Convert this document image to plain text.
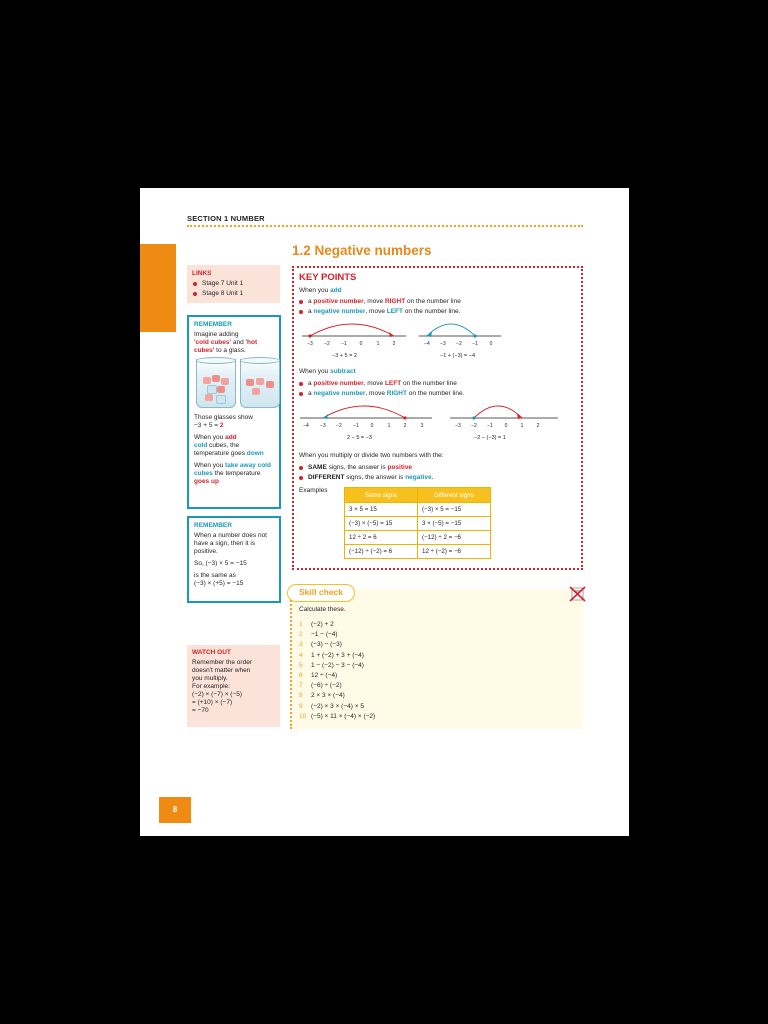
SECTION 1 NUMBER
1.2 Negative numbers
LINKS
Stage 7 Unit 1
Stage 8 Unit 1
REMEMBER
Imagine adding
'cold cubes' and 'hot cubes' to a glass.
Those glasses show
−3 + 5 = 2
When you add
cold cubes, the temperature goes down
When you take away cold cubes the temperature goes up
REMEMBER
When a number does not have a sign, then it is positive.
So, (−3) × 5 = −15
is the same as
(−3) × (+5) = −15
WATCH OUT
Remember the order
doesn't matter when
you multiply.
For example:
(−2) × (−7) × (−5)
= (+10) × (−7)
= −70
KEY POINTS
When you add
a positive number, move RIGHT on the number line
a negative number, move LEFT on the number line.
−3 −2 −1	0	1	2
−3 + 5 = 2
−4 −3 −2 −1 0
−1 + (−3) = −4
When you subtract
a positive number, move LEFT on the number line
a negative number, move RIGHT on the number line.
−4 −3 −2 −1 0	1	2	3
2 − 5 = −3
−3 −2 −1 0	1	2
−2 − (−3) = 1
When you multiply or divide two numbers with the:
SAME signs, the answer is positive
DIFFERENT signs, the answer is negative.
Examples
Same signs	Different signs
3 × 5 = 15	(−3) × 5 = −15
(−3) × (−5) = 15	3 × (−5) = −15
12 ÷ 2 = 6	(−12) ÷ 2 = −6
(−12) ÷ (−2) = 6	12 ÷ (−2) = −6
Skill check
Calculate these.
1 (−2) + 2
2 −1 − (−4)
3 (−3) − (−3)
4 1 + (−2) + 3 + (−4)
5 1 − (−2) − 3 − (−4)
6 12 ÷ (−4)
7 (−6) ÷ (−2)
8 2 × 3 × (−4)
9 (−2) × 3 × (−4) × 5
10 (−5) × 11 × (−4) × (−2)
8
